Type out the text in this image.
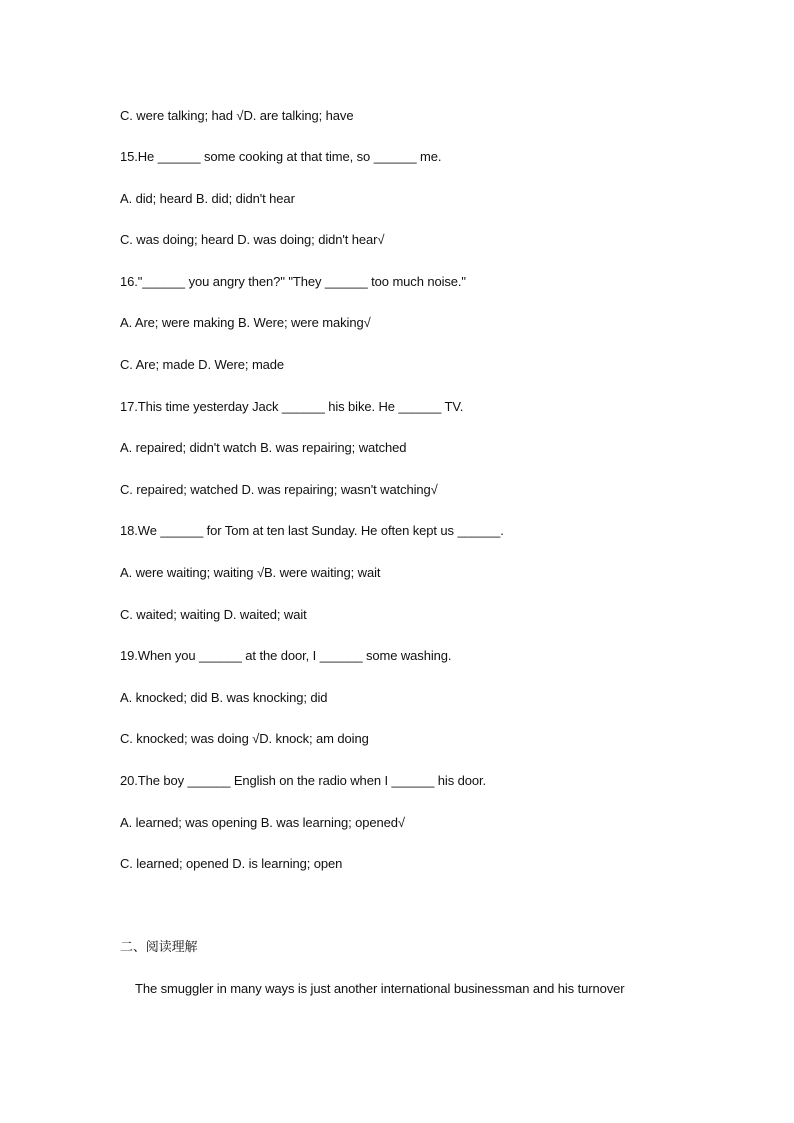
C. were talking; had √D. are talking; have
15.He ______ some cooking at that time, so ______ me.
A. did; heard B. did; didn't hear
C. was doing; heard D. was doing; didn't hear√
16."______ you angry then?" "They ______ too much noise."
A. Are; were making B. Were; were making√
C. Are; made D. Were; made
17.This time yesterday Jack ______ his bike. He ______ TV.
A. repaired; didn't watch B. was repairing; watched
C. repaired; watched D. was repairing; wasn't watching√
18.We ______ for Tom at ten last Sunday. He often kept us ______.
A. were waiting; waiting √B. were waiting; wait
C. waited; waiting D. waited; wait
19.When you ______ at the door, I ______ some washing.
A. knocked; did B. was knocking; did
C. knocked; was doing √D. knock; am doing
20.The boy ______ English on the radio when I ______ his door.
A. learned; was opening B. was learning; opened√
C. learned; opened D. is learning; open
二、阅读理解
The smuggler in many ways is just another international businessman and his turnover
